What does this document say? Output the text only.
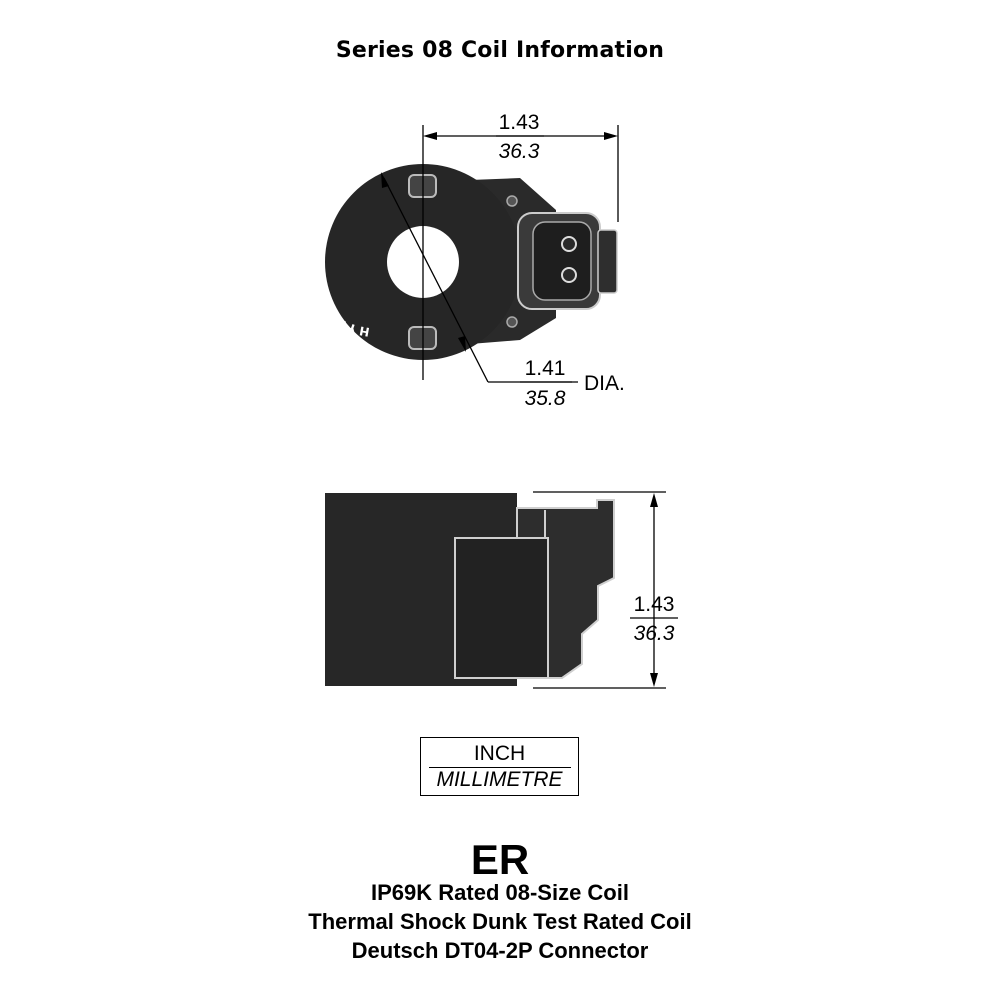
Series 08 Coil Information
HYDRAFORCE
1.43
36.3
1.41
35.8
DIA.
1.43
36.3
INCH
MILLIMETRE
ER
IP69K Rated 08-Size Coil
Thermal Shock Dunk Test Rated Coil
Deutsch DT04-2P Connector
